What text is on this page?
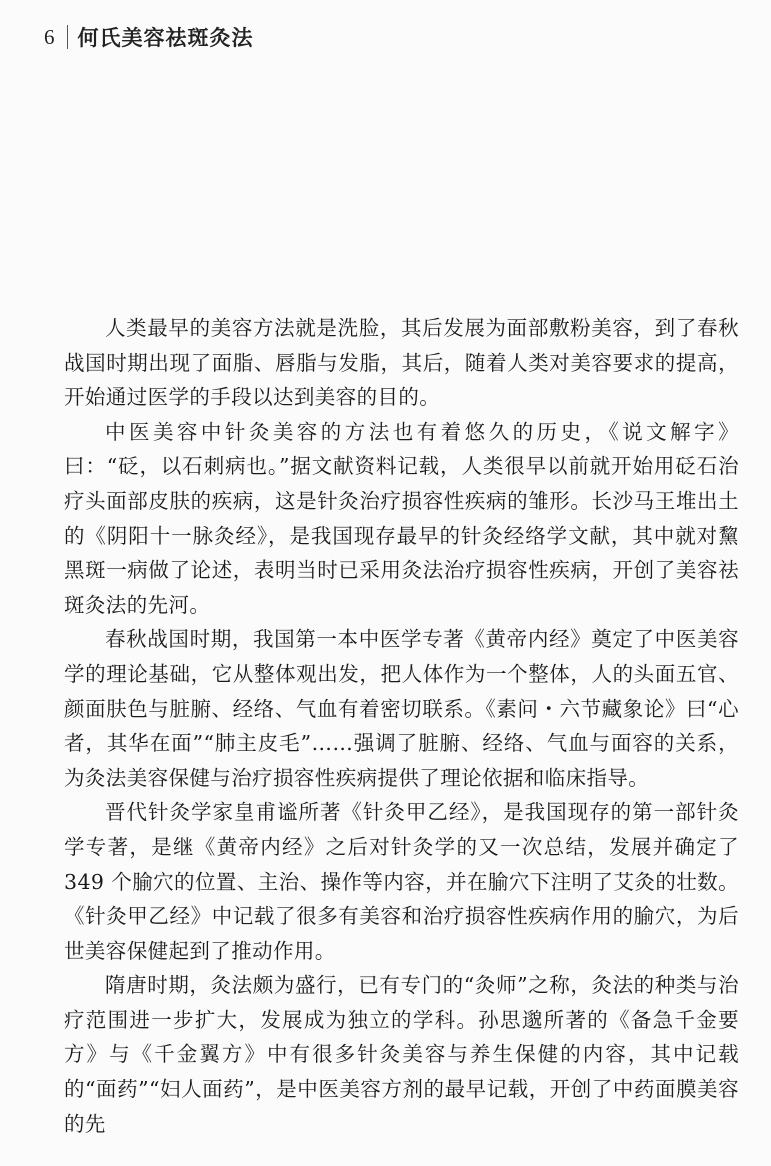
6 何氏美容祛斑灸法

人类最早的美容方法就是洗脸，其后发展为面部敷粉美容，到了春秋战国时期出现了面脂、唇脂与发脂，其后，随着人类对美容要求的提高，开始通过医学的手段以达到美容的目的。

中医美容中针灸美容的方法也有着悠久的历史，《说文解字》曰：“砭，以石刺病也。”据文献资料记载，人类很早以前就开始用砭石治疗头面部皮肤的疾病，这是针灸治疗损容性疾病的雏形。长沙马王堆出土的《阴阳十一脉灸经》，是我国现存最早的针灸经络学文献，其中就对黧黑斑一病做了论述，表明当时已采用灸法治疗损容性疾病，开创了美容祛斑灸法的先河。

春秋战国时期，我国第一本中医学专著《黄帝内经》奠定了中医美容学的理论基础，它从整体观出发，把人体作为一个整体，人的头面五官、颜面肤色与脏腑、经络、气血有着密切联系。《素问・六节藏象论》曰“心者，其华在面”“肺主皮毛”……强调了脏腑、经络、气血与面容的关系，为灸法美容保健与治疗损容性疾病提供了理论依据和临床指导。

晋代针灸学家皇甫谧所著《针灸甲乙经》，是我国现存的第一部针灸学专著，是继《黄帝内经》之后对针灸学的又一次总结，发展并确定了 349 个腧穴的位置、主治、操作等内容，并在腧穴下注明了艾灸的壮数。《针灸甲乙经》中记载了很多有美容和治疗损容性疾病作用的腧穴，为后世美容保健起到了推动作用。

隋唐时期，灸法颇为盛行，已有专门的“灸师”之称，灸法的种类与治疗范围进一步扩大，发展成为独立的学科。孙思邈所著的《备急千金要方》与《千金翼方》中有很多针灸美容与养生保健的内容，其中记载的“面药”“妇人面药”，是中医美容方剂的最早记载，开创了中药面膜美容的先
